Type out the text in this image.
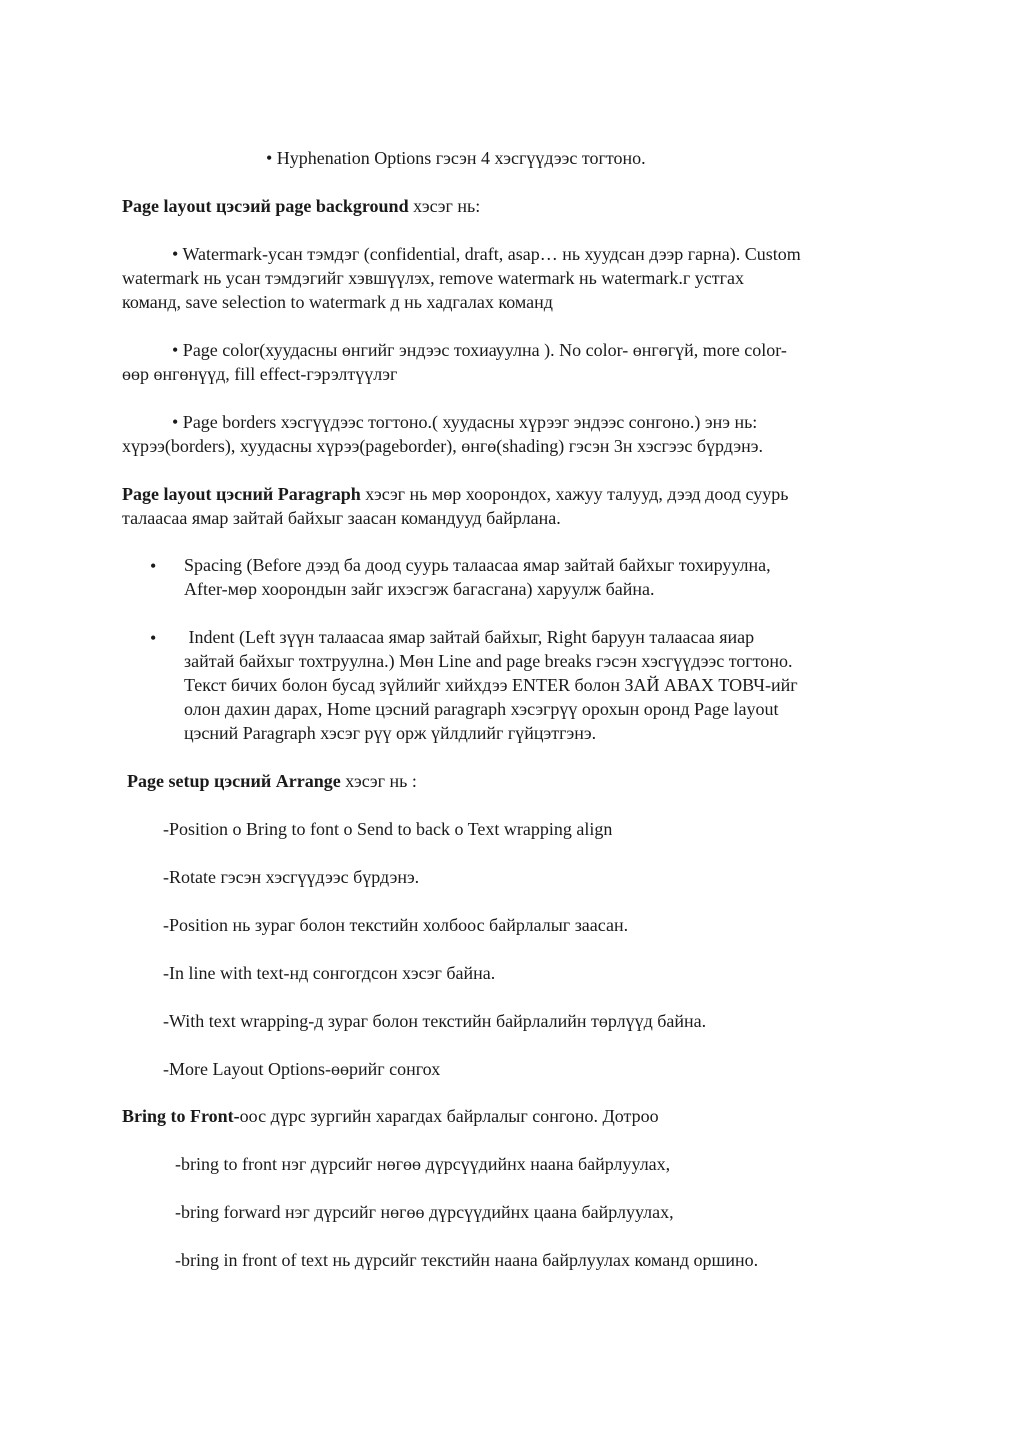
• Hyphenation Options гэсэн 4 хэсгүүдээс тогтоно.

Page layout цэсэий page background хэсэг нь:

• Watermark-усан тэмдэг (confidential, draft, asap… нь хуудсан дээр гарна). Custom

watermark нь усан тэмдэгийг хэвшүүлэх, remove watermark нь watermark.г устгах

команд, save selection to watermark д нь хадгалах команд

• Page color(хуудасны өнгийг эндээс тохиауулна ). No color- өнгөгүй, more color-

өөр өнгөнүүд, fill effect-гэрэлтүүлэг

• Page borders хэсгүүдээс тогтоно.( хуудасны хүрээг эндээс сонгоно.) энэ нь:

хүрээ(borders), хуудасны хүрээ(pageborder), өнгө(shading) гэсэн 3н хэсгээс бүрдэнэ.

Page layout цэсний Paragraph хэсэг нь мөр хоорондох, хажуу талууд, дээд доод суурь

талаасаа ямар зайтай байхыг заасан командууд байрлана.

• Spacing (Before дээд ба доод суурь талаасаа ямар зайтай байхыг тохируулна,

After-мөр хоорондын зайг ихэсгэж багасгана) харуулж байна.

• Indent (Left зүүн талаасаа ямар зайтай байхыг, Right баруун талаасаа яиар

зайтай байхыг тохтруулна.) Мөн Line and page breaks гэсэн хэсгүүдээс тогтоно.

Текст бичих болон бусад зүйлийг хийхдээ ENTER болон ЗАЙ АВАХ ТОВЧ-ийг

олон дахин дарах, Home цэсний paragraph хэсэгрүү орохын оронд Page layout

цэсний Paragraph хэсэг рүү орж үйлдлийг гүйцэтгэнэ.

Page setup цэсний Arrange хэсэг нь :

-Position o Bring to font o Send to back o Text wrapping align

-Rotate гэсэн хэсгүүдээс бүрдэнэ.

-Position нь зураг болон текстийн холбоос байрлалыг заасан.

-In line with text-нд сонгогдсон хэсэг байна.

-With text wrapping-д зураг болон текстийн байрлалийн төрлүүд байна.

-More Layout Options-өөрийг сонгох

Bring to Front-оос дүрс зургийн харагдах байрлалыг сонгоно. Дотроо

-bring to front нэг дүрсийг нөгөө дүрсүүдийнх наана байрлуулах,

-bring forward нэг дүрсийг нөгөө дүрсүүдийнх цаана байрлуулах,

-bring in front of text нь дүрсийг текстийн наана байрлуулах команд оршино.
